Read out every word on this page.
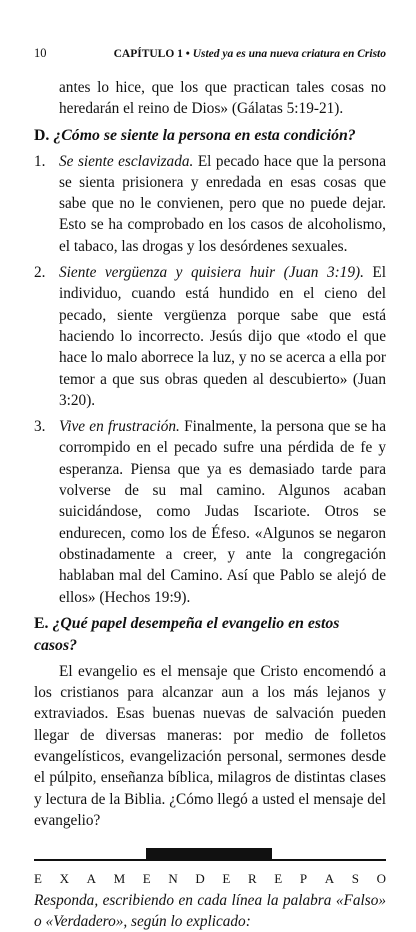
10	CAPÍTULO 1 • Usted ya es una nueva criatura en Cristo

antes lo hice, que los que practican tales cosas no heredarán el reino de Dios» (Gálatas 5:19-21).

D. ¿Cómo se siente la persona en esta condición?
1. Se siente esclavizada. El pecado hace que la persona se sienta prisionera y enredada en esas cosas que sabe que no le convienen, pero que no puede dejar. Esto se ha comprobado en los casos de alcoholismo, el tabaco, las drogas y los desórdenes sexuales.
2. Siente vergüenza y quisiera huir (Juan 3:19). El individuo, cuando está hundido en el cieno del pecado, siente vergüenza porque sabe que está haciendo lo incorrecto. Jesús dijo que «todo el que hace lo malo aborrece la luz, y no se acerca a ella por temor a que sus obras queden al descubierto» (Juan 3:20).
3. Vive en frustración. Finalmente, la persona que se ha corrompido en el pecado sufre una pérdida de fe y esperanza. Piensa que ya es demasiado tarde para volverse de su mal camino. Algunos acaban suicidándose, como Judas Iscariote. Otros se endurecen, como los de Éfeso. «Algunos se negaron obstinadamente a creer, y ante la congregación hablaban mal del Camino. Así que Pablo se alejó de ellos» (Hechos 19:9).
E. ¿Qué papel desempeña el evangelio en estos casos?

El evangelio es el mensaje que Cristo encomendó a los cristianos para alcanzar aun a los más lejanos y extraviados. Esas buenas nuevas de salvación pueden llegar de diversas maneras: por medio de folletos evangelísticos, evangelización personal, sermones desde el púlpito, enseñanza bíblica, milagros de distintas clases y lectura de la Biblia. ¿Cómo llegó a usted el mensaje del evangelio?

E X A M E N D E R E P A S O

Responda, escribiendo en cada línea la palabra «Falso» o «Verdadero», según lo explicado:
